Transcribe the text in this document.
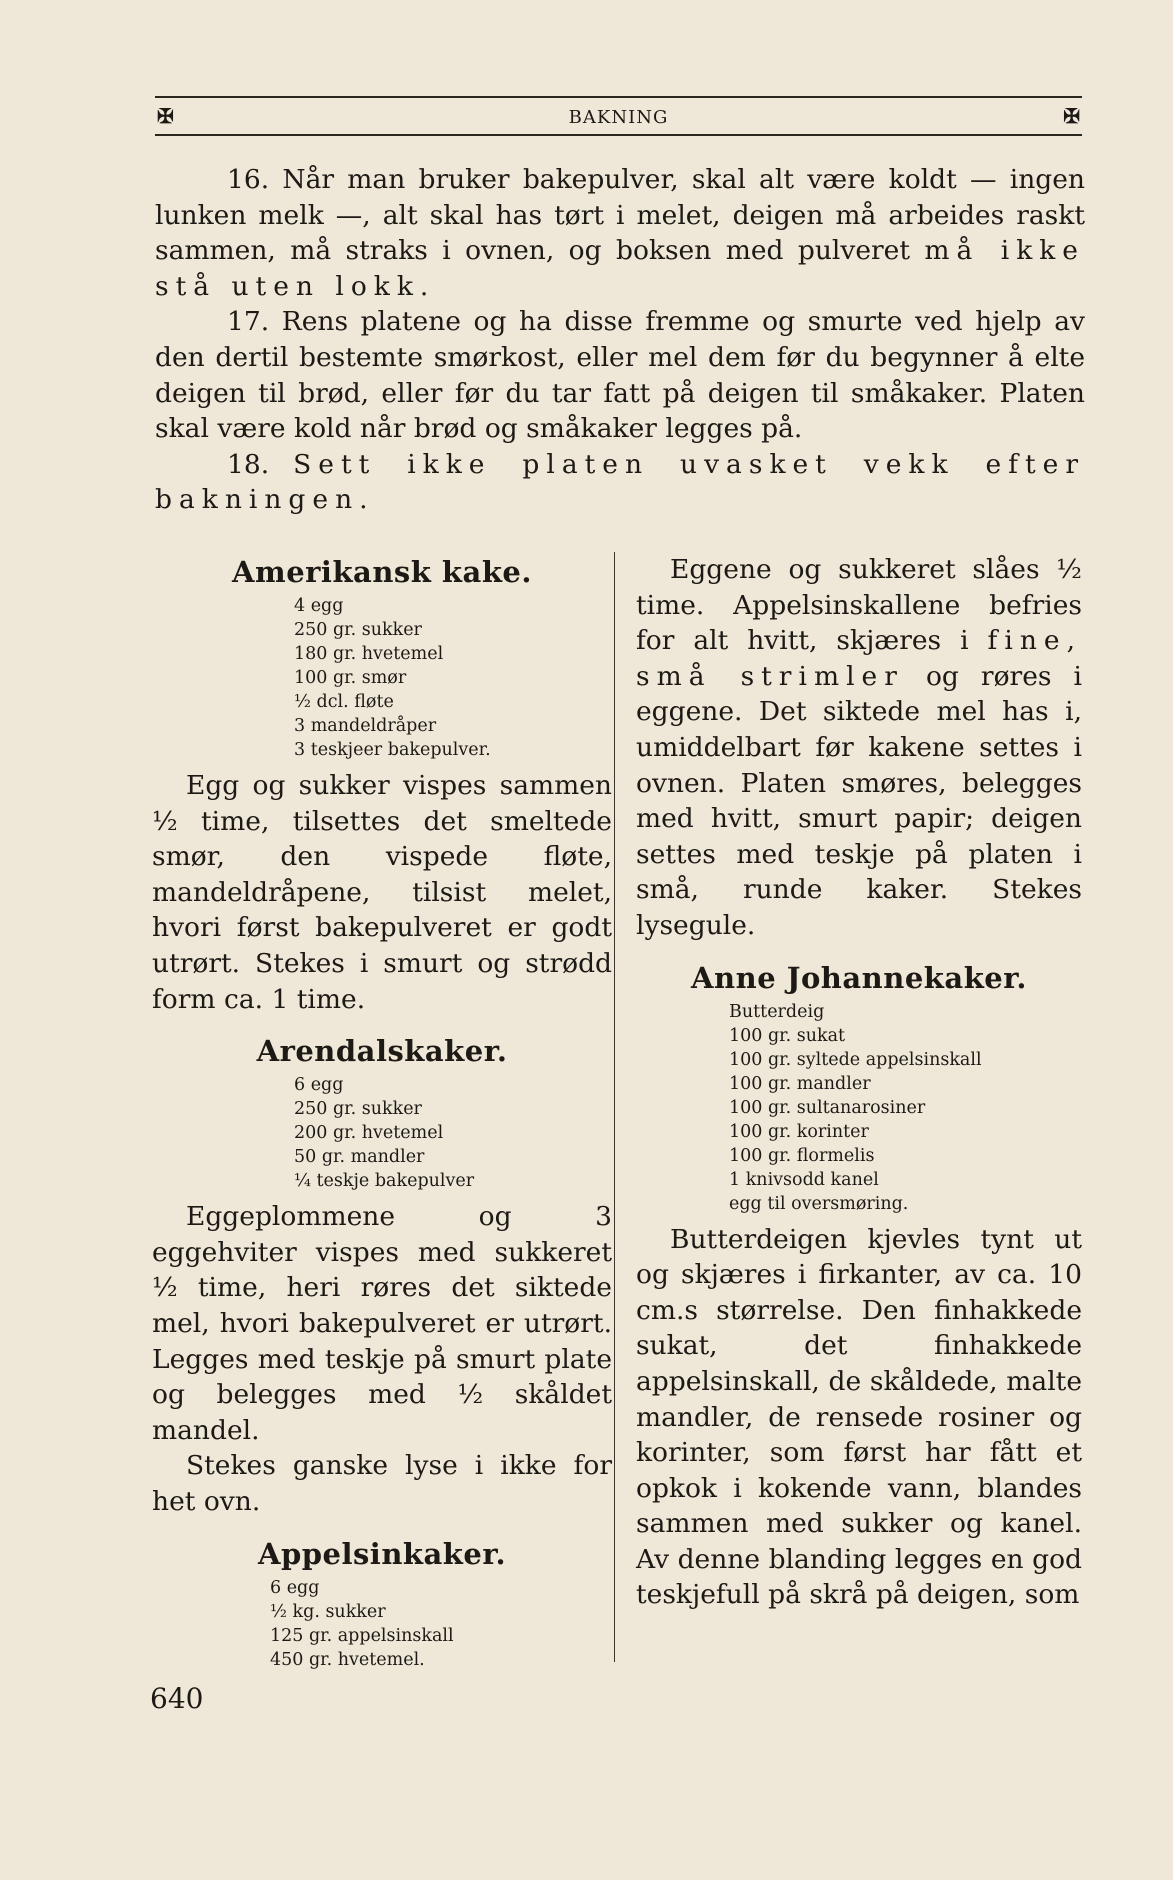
✠	BAKNING	✠

16. Når man bruker bakepulver, skal alt være koldt — ingen lunken melk —, alt skal has tørt i melet, deigen må arbeides raskt sammen, må straks i ovnen, og boksen med pulveret må ikke stå uten lokk.

17. Rens platene og ha disse fremme og smurte ved hjelp av den dertil bestemte smørkost, eller mel dem før du begynner å elte deigen til brød, eller før du tar fatt på deigen til småkaker. Platen skal være kold når brød og småkaker legges på.

18. Sett ikke platen uvasket vekk efter bakningen.

Amerikansk kake.
4 egg
250 gr. sukker
180 gr. hvetemel
100 gr. smør
½ dcl. fløte
3 mandeldråper
3 teskjeer bakepulver.

Egg og sukker vispes sammen ½ time, tilsettes det smeltede smør, den vispede fløte, mandeldråpene, tilsist melet, hvori først bakepulveret er godt utrørt. Stekes i smurt og strødd form ca. 1 time.

Arendalskaker.
6 egg
250 gr. sukker
200 gr. hvetemel
50 gr. mandler
¼ teskje bakepulver

Eggeplommene og 3 eggehviter vispes med sukkeret ½ time, heri røres det siktede mel, hvori bakepulveret er utrørt. Legges med teskje på smurt plate og belegges med ½ skåldet mandel.

Stekes ganske lyse i ikke for het ovn.

Appelsinkaker.
6 egg
½ kg. sukker
125 gr. appelsinskall
450 gr. hvetemel.

Eggene og sukkeret slåes ½ time. Appelsinskallene befries for alt hvitt, skjæres i fine, små strimler og røres i eggene. Det siktede mel has i, umiddelbart før kakene settes i ovnen. Platen smøres, belegges med hvitt, smurt papir; deigen settes med teskje på platen i små, runde kaker. Stekes lysegule.

Anne Johannekaker.
Butterdeig
100 gr. sukat
100 gr. syltede appelsinskall
100 gr. mandler
100 gr. sultanarosiner
100 gr. korinter
100 gr. flormelis
1 knivsodd kanel
egg til oversmøring.

Butterdeigen kjevles tynt ut og skjæres i firkanter, av ca. 10 cm.s størrelse. Den finhakkede sukat, det finhakkede appelsinskall, de skåldede, malte mandler, de rensede rosiner og korinter, som først har fått et opkok i kokende vann, blandes sammen med sukker og kanel. Av denne blanding legges en god teskjefull på skrå på deigen, som

640
